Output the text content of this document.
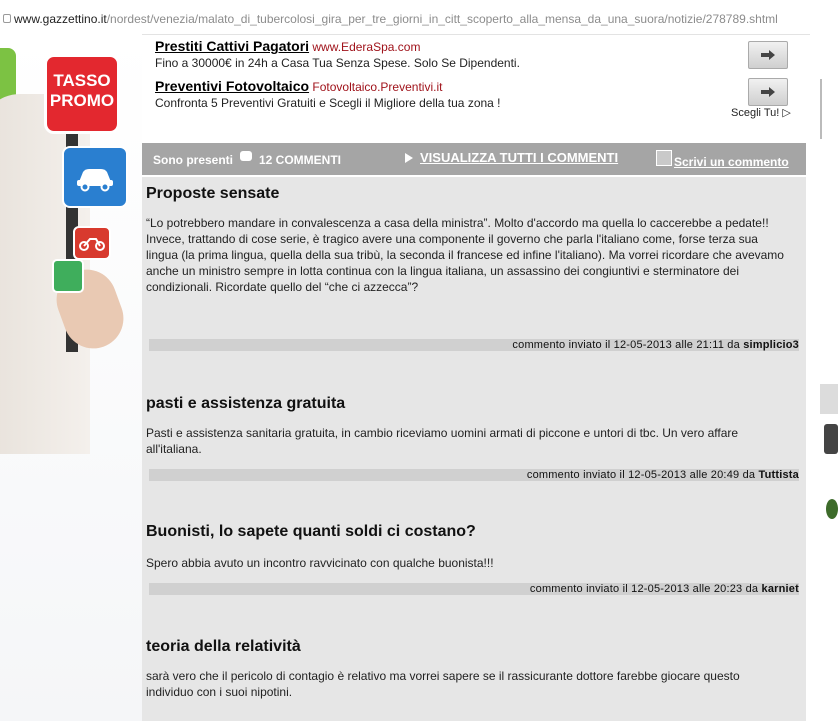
www.gazzettino.it/nordest/venezia/malato_di_tubercolosi_gira_per_tre_giorni_in_citt_scoperto_alla_mensa_da_una_suora/notizie/278789.shtml
TASSO
PROMO
Prestiti Cattivi Pagatori www.EderaSpa.com
Fino a 30000€ in 24h a Casa Tua Senza Spese. Solo Se Dipendenti.
Preventivi Fotovoltaico Fotovoltaico.Preventivi.it
Confronta 5 Preventivi Gratuiti e Scegli il Migliore della tua zona !
Scegli Tu! ▷
Sono presenti 12 COMMENTI	VISUALIZZA TUTTI I COMMENTI	Scrivi un commento
Proposte sensate
“Lo potrebbero mandare in convalescenza a casa della ministra”. Molto d'accordo ma quella lo caccerebbe a pedate!!
Invece, trattando di cose serie, è tragico avere una componente il governo che parla l'italiano come, forse terza sua lingua (la prima lingua, quella della sua tribù, la seconda il francese ed infine l'italiano). Ma vorrei ricordare che avevamo anche un ministro sempre in lotta continua con la lingua italiana, un assassino dei congiuntivi e sterminatore dei condizionali. Ricordate quello del “che ci azzecca”?
commento inviato il 12-05-2013 alle 21:11 da simplicio3
pasti e assistenza gratuita
Pasti e assistenza sanitaria gratuita, in cambio riceviamo uomini armati di piccone e untori di tbc. Un vero affare all'italiana.
commento inviato il 12-05-2013 alle 20:49 da Tuttista
Buonisti, lo sapete quanti soldi ci costano?
Spero abbia avuto un incontro ravvicinato con qualche buonista!!!
commento inviato il 12-05-2013 alle 20:23 da karniet
teoria della relatività
sarà vero che il pericolo di contagio è relativo ma vorrei sapere se il rassicurante dottore farebbe giocare questo individuo con i suoi nipotini.
